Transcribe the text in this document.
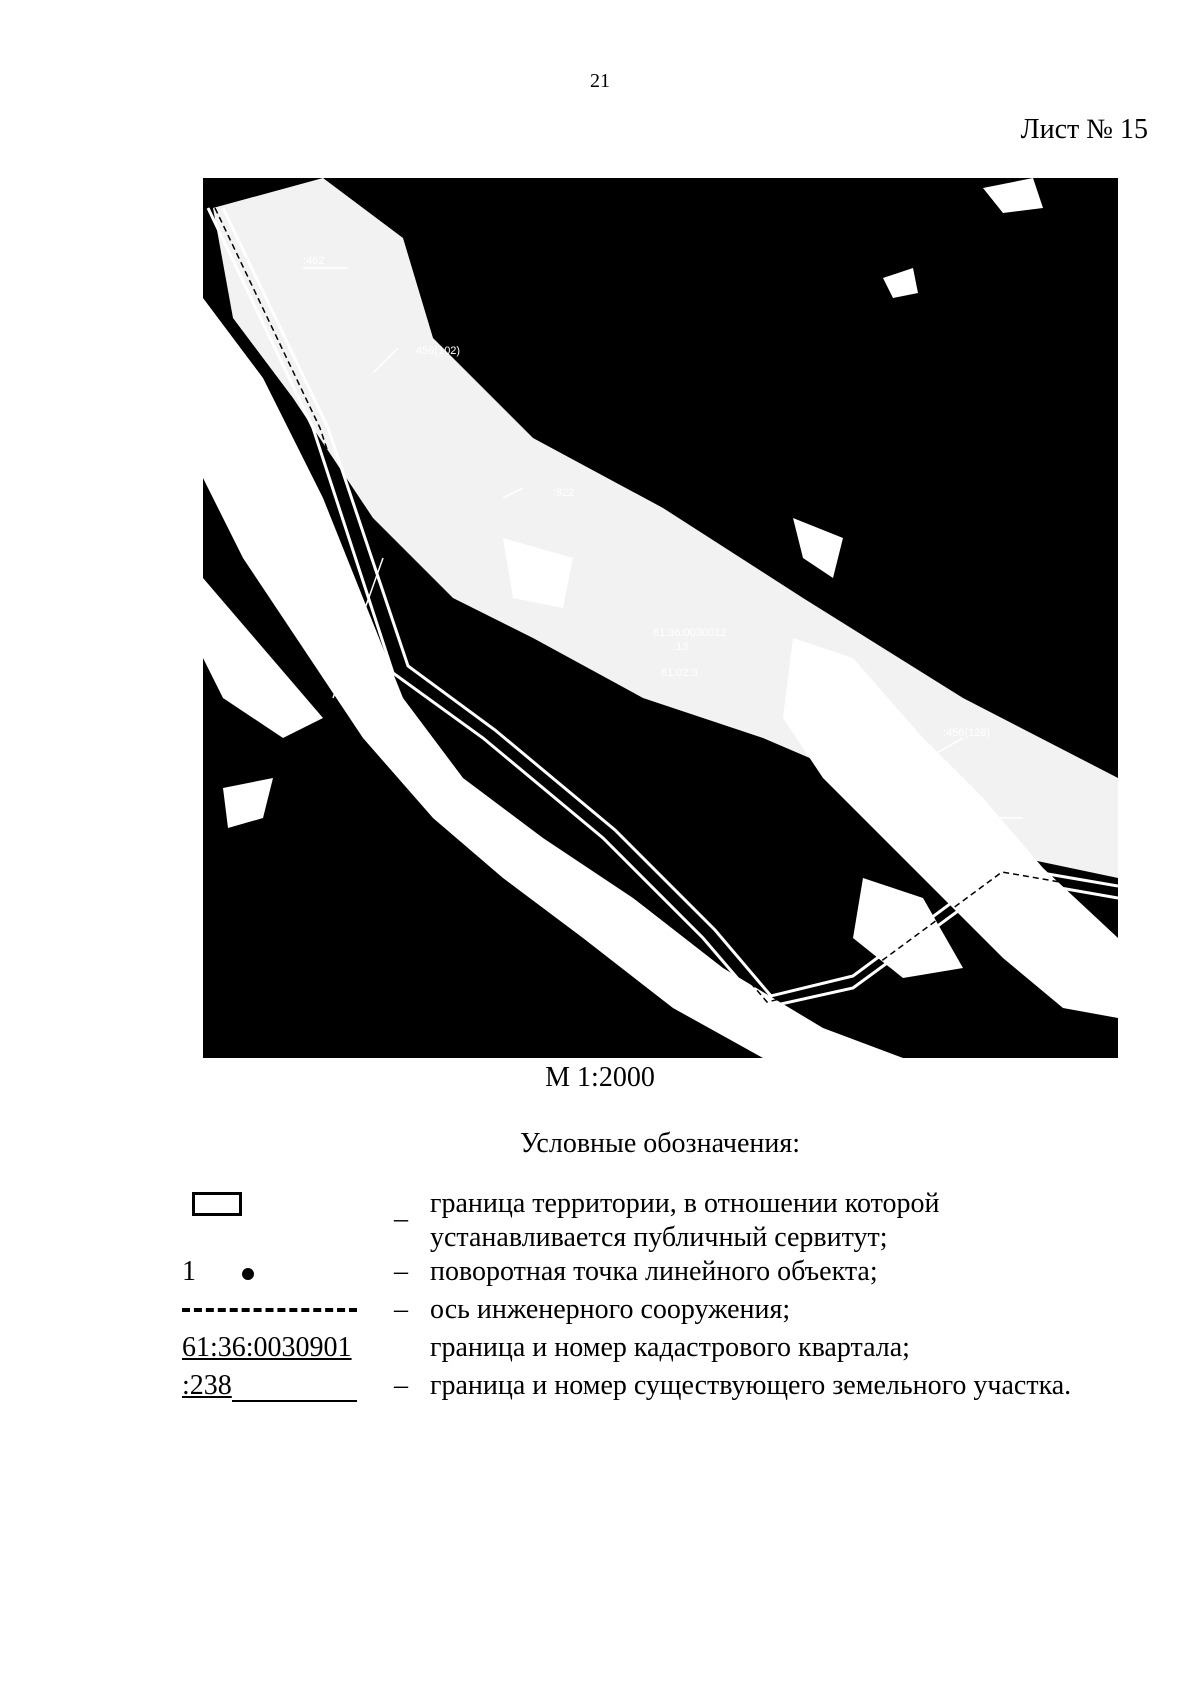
21
Лист № 15
:462
:456(102)
:822
61:36:0030012
:13
61:02:3
:456(128)
115
М 1:2000
Условные обозначения:
_ граница территории, в отношении которой
устанавливается публичный сервитут;
1	– поворотная точка линейного объекта;
– ось инженерного сооружения;
61:36:0030901	граница и номер кадастрового квартала;
:238	– граница и номер существующего земельного участка.
